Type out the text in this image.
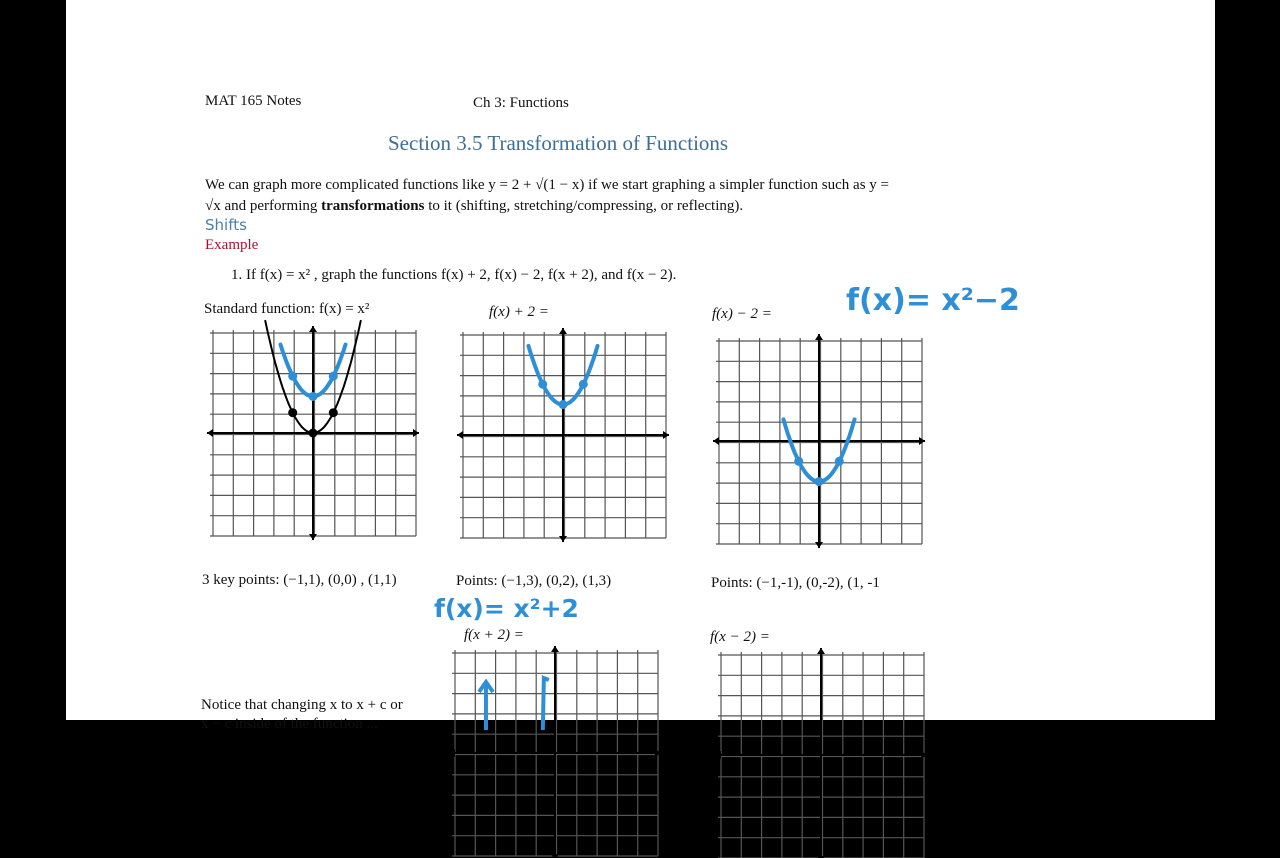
MAT 165 Notes	Ch 3: Functions
Section 3.5 Transformation of Functions
We can graph more complicated functions like y = 2 + √(1 − x) if we start graphing a simpler function such as y =
√x and performing transformations to it (shifting, stretching/compressing, or reflecting).
Shifts
Example
1. If f(x) = x² , graph the functions f(x) + 2, f(x) − 2, f(x + 2), and f(x − 2).
Standard function: f(x) = x²	f(x) + 2 =	f(x) − 2 = f(x)= x²−2
3 key points: (−1,1), (0,0) , (1,1)	Points: (−1,3), (0,2), (1,3)	Points: (−1,-1), (0,-2), (1, -1
f(x)= x²+2
f(x + 2) =	f(x − 2) =
Notice that changing x to x + c or
x − c inside of the function ...
